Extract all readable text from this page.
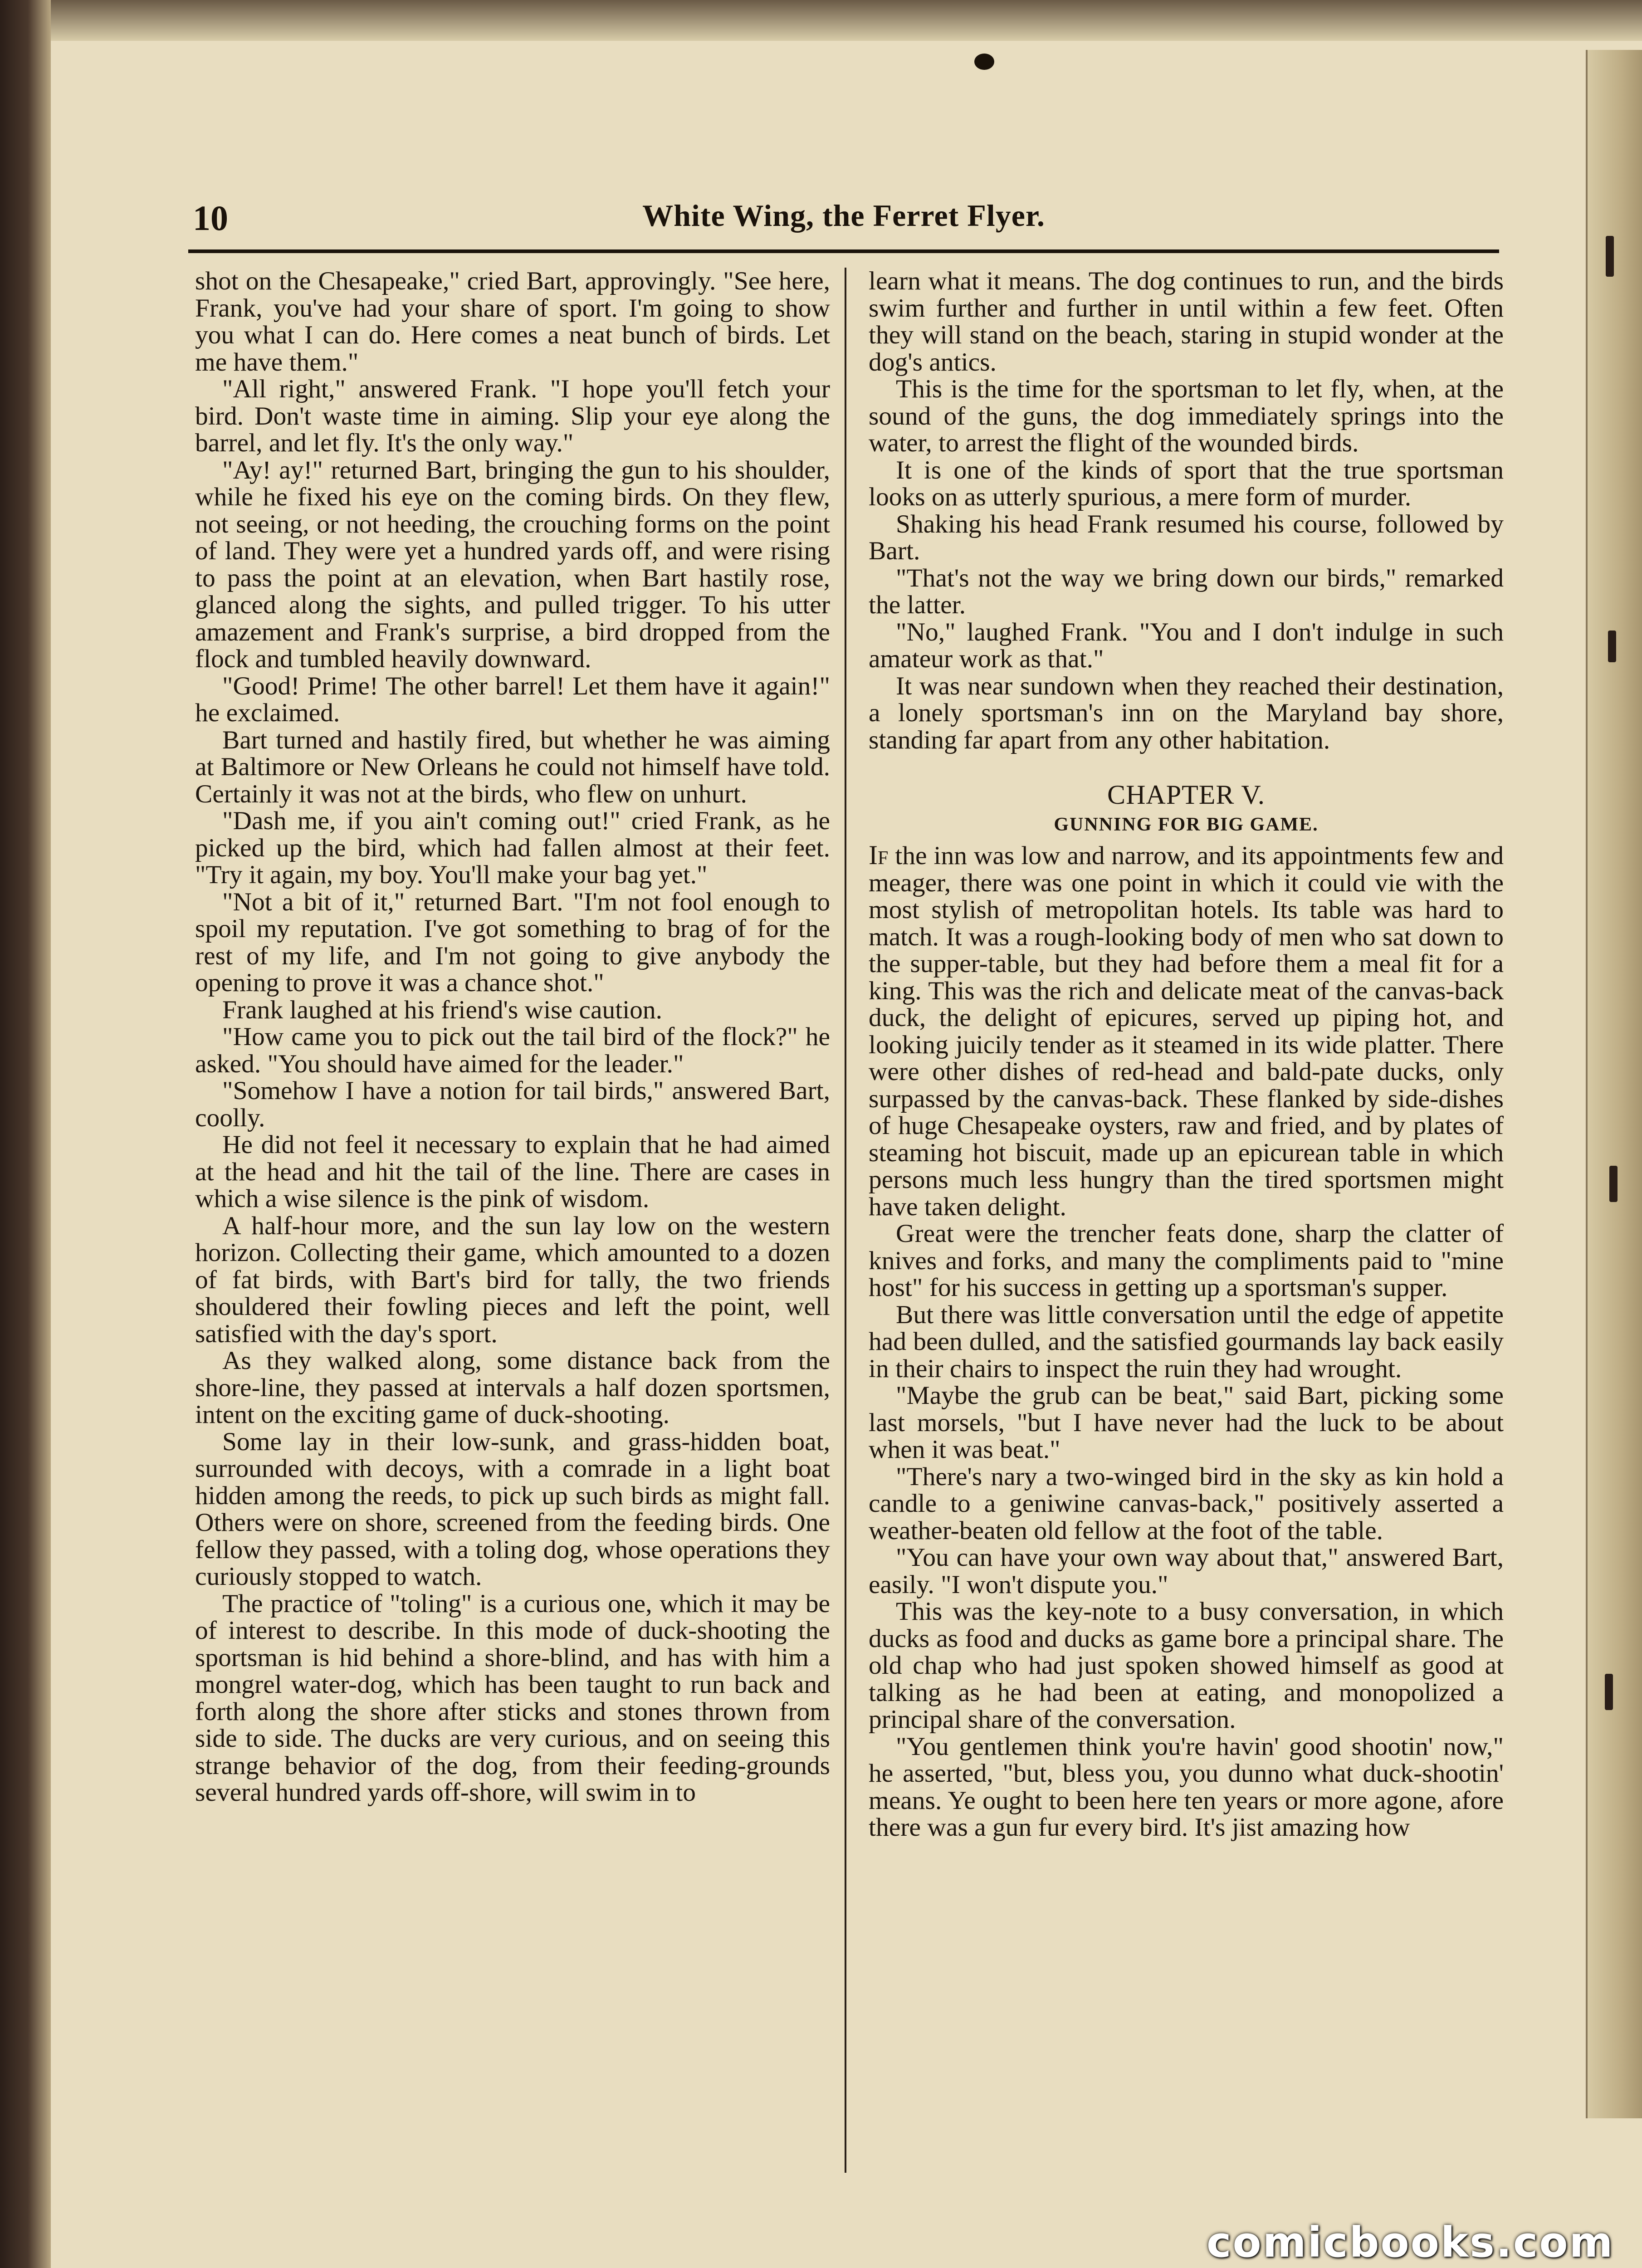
White Wing, the Ferret Flyer.
10

shot on the Chesapeake," cried Bart, approvingly. "See here, Frank, you've had your share of sport. I'm going to show you what I can do. Here comes a neat bunch of birds. Let me have them."

"All right," answered Frank. "I hope you'll fetch your bird. Don't waste time in aiming. Slip your eye along the barrel, and let fly. It's the only way."

"Ay! ay!" returned Bart, bringing the gun to his shoulder, while he fixed his eye on the coming birds. On they flew, not seeing, or not heeding, the crouching forms on the point of land. They were yet a hundred yards off, and were rising to pass the point at an elevation, when Bart hastily rose, glanced along the sights, and pulled trigger. To his utter amazement and Frank's surprise, a bird dropped from the flock and tumbled heavily downward.

"Good! Prime! The other barrel! Let them have it again!" he exclaimed.

Bart turned and hastily fired, but whether he was aiming at Baltimore or New Orleans he could not himself have told. Certainly it was not at the birds, who flew on unhurt.

"Dash me, if you ain't coming out!" cried Frank, as he picked up the bird, which had fallen almost at their feet. "Try it again, my boy. You'll make your bag yet."

"Not a bit of it," returned Bart. "I'm not fool enough to spoil my reputation. I've got something to brag of for the rest of my life, and I'm not going to give anybody the opening to prove it was a chance shot."

Frank laughed at his friend's wise caution.

"How came you to pick out the tail bird of the flock?" he asked. "You should have aimed for the leader."

"Somehow I have a notion for tail birds," answered Bart, coolly.

He did not feel it necessary to explain that he had aimed at the head and hit the tail of the line. There are cases in which a wise silence is the pink of wisdom.

A half-hour more, and the sun lay low on the western horizon. Collecting their game, which amounted to a dozen of fat birds, with Bart's bird for tally, the two friends shouldered their fowling pieces and left the point, well satisfied with the day's sport.

As they walked along, some distance back from the shore-line, they passed at intervals a half dozen sportsmen, intent on the exciting game of duck-shooting.

Some lay in their low-sunk, and grass-hidden boat, surrounded with decoys, with a comrade in a light boat hidden among the reeds, to pick up such birds as might fall. Others were on shore, screened from the feeding birds. One fellow they passed, with a toling dog, whose operations they curiously stopped to watch.

The practice of "toling" is a curious one, which it may be of interest to describe. In this mode of duck-shooting the sportsman is hid behind a shore-blind, and has with him a mongrel water-dog, which has been taught to run back and forth along the shore after sticks and stones thrown from side to side. The ducks are very curious, and on seeing this strange behavior of the dog, from their feeding-grounds several hundred yards off-shore, will swim in to

learn what it means. The dog continues to run, and the birds swim further and further in until within a few feet. Often they will stand on the beach, staring in stupid wonder at the dog's antics.

This is the time for the sportsman to let fly, when, at the sound of the guns, the dog immediately springs into the water, to arrest the flight of the wounded birds.

It is one of the kinds of sport that the true sportsman looks on as utterly spurious, a mere form of murder.

Shaking his head Frank resumed his course, followed by Bart.

"That's not the way we bring down our birds," remarked the latter.

"No," laughed Frank. "You and I don't indulge in such amateur work as that."

It was near sundown when they reached their destination, a lonely sportsman's inn on the Maryland bay shore, standing far apart from any other habitation.

CHAPTER V.
GUNNING FOR BIG GAME.

If the inn was low and narrow, and its appointments few and meager, there was one point in which it could vie with the most stylish of metropolitan hotels. Its table was hard to match. It was a rough-looking body of men who sat down to the supper-table, but they had before them a meal fit for a king. This was the rich and delicate meat of the canvas-back duck, the delight of epicures, served up piping hot, and looking juicily tender as it steamed in its wide platter. There were other dishes of red-head and bald-pate ducks, only surpassed by the canvas-back. These flanked by side-dishes of huge Chesapeake oysters, raw and fried, and by plates of steaming hot biscuit, made up an epicurean table in which persons much less hungry than the tired sportsmen might have taken delight.

Great were the trencher feats done, sharp the clatter of knives and forks, and many the compliments paid to "mine host" for his success in getting up a sportsman's supper.

But there was little conversation until the edge of appetite had been dulled, and the satisfied gourmands lay back easily in their chairs to inspect the ruin they had wrought.

"Maybe the grub can be beat," said Bart, picking some last morsels, "but I have never had the luck to be about when it was beat."

"There's nary a two-winged bird in the sky as kin hold a candle to a geniwine canvas-back," positively asserted a weather-beaten old fellow at the foot of the table.

"You can have your own way about that," answered Bart, easily. "I won't dispute you."

This was the key-note to a busy conversation, in which ducks as food and ducks as game bore a principal share. The old chap who had just spoken showed himself as good at talking as he had been at eating, and monopolized a principal share of the conversation.

"You gentlemen think you're havin' good shootin' now," he asserted, "but, bless you, you dunno what duck-shootin' means. Ye ought to been here ten years or more agone, afore there was a gun fur every bird. It's jist amazing how

comicbooks.com
